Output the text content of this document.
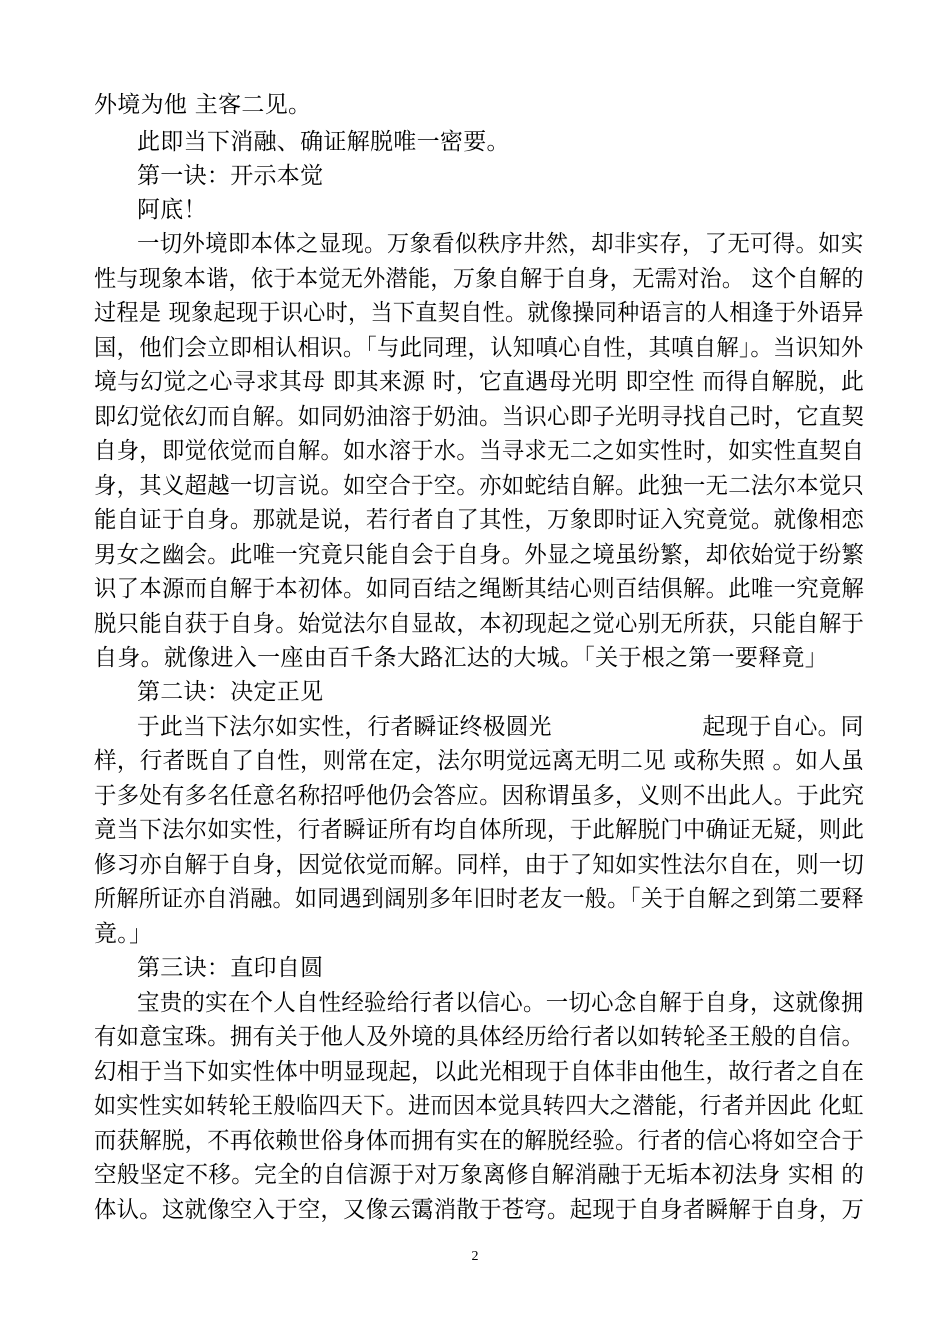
外境为他 主客二见。
此即当下消融、确证解脱唯一密要。
第一诀：开示本觉
阿底！
一切外境即本体之显现。万象看似秩序井然，却非实存，了无可得。如实
性与现象本谐，依于本觉无外潜能，万象自解于自身，无需对治。 这个自解的
过程是 现象起现于识心时，当下直契自性。就像操同种语言的人相逢于外语异
国，他们会立即相认相识。「与此同理，认知嗔心自性，其嗔自解」。当识知外
境与幻觉之心寻求其母 即其来源 时，它直遇母光明 即空性 而得自解脱，此
即幻觉依幻而自解。如同奶油溶于奶油。当识心即子光明寻找自己时，它直契
自身，即觉依觉而自解。如水溶于水。当寻求无二之如实性时，如实性直契自
身，其义超越一切言说。如空合于空。亦如蛇结自解。此独一无二法尔本觉只
能自证于自身。那就是说，若行者自了其性，万象即时证入究竟觉。就像相恋
男女之幽会。此唯一究竟只能自会于自身。外显之境虽纷繁，却依始觉于纷繁
识了本源而自解于本初体。如同百结之绳断其结心则百结俱解。此唯一究竟解
脱只能自获于自身。始觉法尔自显故，本初现起之觉心别无所获，只能自解于
自身。就像进入一座由百千条大路汇达的大城。「关于根之第一要释竟」
第二诀：决定正见
于此当下法尔如实性，行者瞬证终极圆光                    起现于自心。同
样，行者既自了自性，则常在定，法尔明觉远离无明二见 或称失照 。如人虽
于多处有多名任意名称招呼他仍会答应。因称谓虽多，义则不出此人。于此究
竟当下法尔如实性，行者瞬证所有均自体所现，于此解脱门中确证无疑，则此
修习亦自解于自身，因觉依觉而解。同样，由于了知如实性法尔自在，则一切
所解所证亦自消融。如同遇到阔别多年旧时老友一般。「关于自解之到第二要释
竟。」
第三诀：直印自圆
宝贵的实在个人自性经验给行者以信心。一切心念自解于自身，这就像拥
有如意宝珠。拥有关于他人及外境的具体经历给行者以如转轮圣王般的自信。
幻相于当下如实性体中明显现起，以此光相现于自体非由他生，故行者之自在
如实性实如转轮王般临四天下。进而因本觉具转四大之潜能，行者并因此 化虹
而获解脱，不再依赖世俗身体而拥有实在的解脱经验。行者的信心将如空合于
空般坚定不移。完全的自信源于对万象离修自解消融于无垢本初法身 实相 的
体认。这就像空入于空，又像云霭消散于苍穹。起现于自身者瞬解于自身，万
2
